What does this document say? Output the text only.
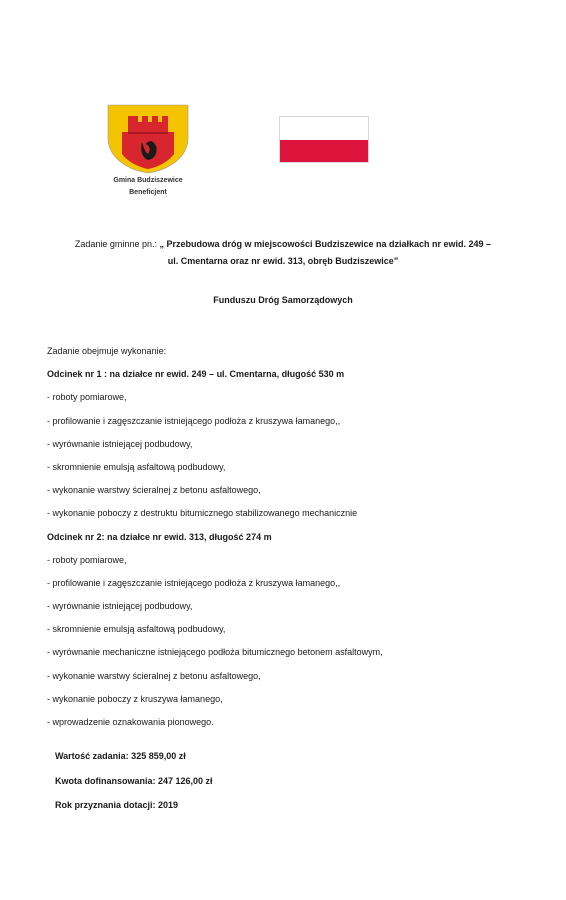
Gmina Budziszewice
Beneficjent
Zadanie gminne pn.: „ Przebudowa dróg w miejscowości Budziszewice na działkach nr ewid. 249 –
ul. Cmentarna oraz nr ewid. 313, obręb Budziszewice”
Funduszu Dróg Samorządowych
Zadanie obejmuje wykonanie:
Odcinek nr 1 : na działce nr ewid. 249 – ul. Cmentarna, długość 530 m
- roboty pomiarowe,
- profilowanie i zagęszczanie istniejącego podłoża z kruszywa łamanego,,
- wyrównanie istniejącej podbudowy,
- skromnienie emulsją asfaltową podbudowy,
- wykonanie warstwy ścieralnej z betonu asfaltowego,
- wykonanie poboczy z destruktu bitumicznego stabilizowanego mechanicznie
Odcinek nr 2: na działce nr ewid. 313, długość 274 m
- roboty pomiarowe,
- profilowanie i zagęszczanie istniejącego podłoża z kruszywa łamanego,,
- wyrównanie istniejącej podbudowy,
- skromnienie emulsją asfaltową podbudowy,
- wyrównanie mechaniczne istniejącego podłoża bitumicznego betonem asfaltowym,
- wykonanie warstwy ścieralnej z betonu asfaltowego,
- wykonanie poboczy z kruszywa łamanego,
- wprowadzenie oznakowania pionowego.
Wartość zadania: 325 859,00 zł
Kwota dofinansowania: 247 126,00 zł
Rok przyznania dotacji: 2019
